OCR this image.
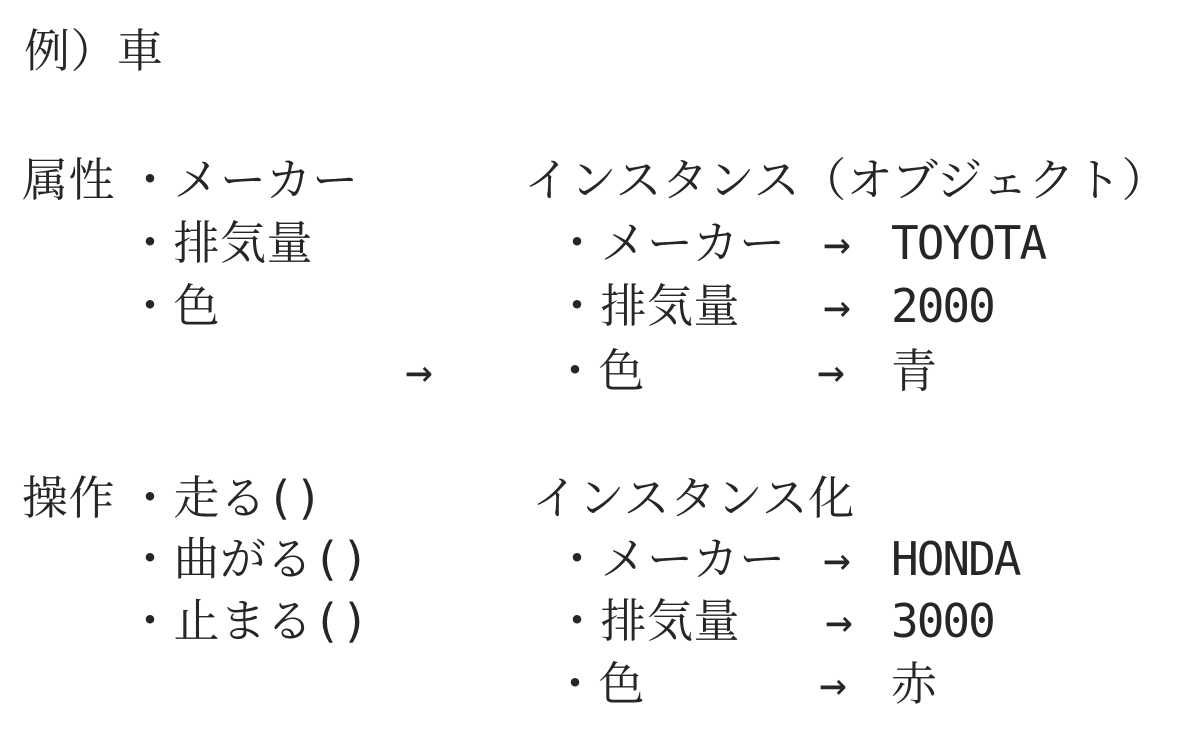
例）車
属性 ・メーカー
・排気量
・色
インスタンス（オブジェクト）
・メーカー → TOYOTA
・排気量 → 2000
・色	→ 青
→
操作 ・走る()
・曲がる()
・止まる()
インスタンス化
・メーカー → HONDA
・排気量 → 3000
・色	→ 赤
